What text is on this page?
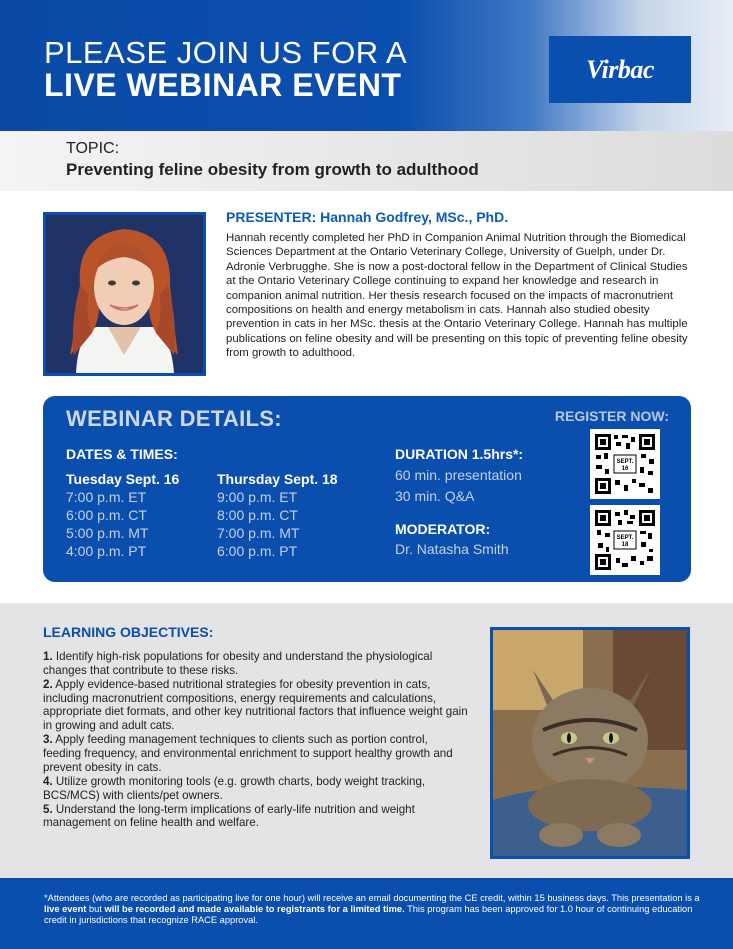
PLEASE JOIN US FOR A
LIVE WEBINAR EVENT	Virbac
TOPIC:
Preventing feline obesity from growth to adulthood
PRESENTER: Hannah Godfrey, MSc., PhD.
Hannah recently completed her PhD in Companion Animal Nutrition through the Biomedical Sciences Department at the Ontario Veterinary College, University of Guelph, under Dr. Adronie Verbrugghe. She is now a post-doctoral fellow in the Department of Clinical Studies at the Ontario Veterinary College continuing to expand her knowledge and research in companion animal nutrition. Her thesis research focused on the impacts of macronutrient compositions on health and energy metabolism in cats. Hannah also studied obesity prevention in cats in her MSc. thesis at the Ontario Veterinary College. Hannah has multiple publications on feline obesity and will be presenting on this topic of preventing feline obesity from growth to adulthood.
WEBINAR DETAILS:	REGISTER NOW:
DATES & TIMES:
Tuesday Sept. 16
7:00 p.m. ET
6:00 p.m. CT
5:00 p.m. MT
4:00 p.m. PT
Thursday Sept. 18
9:00 p.m. ET
8:00 p.m. CT
7:00 p.m. MT
6:00 p.m. PT
DURATION 1.5hrs*:
60 min. presentation
30 min. Q&A
MODERATOR:
Dr. Natasha Smith
SEPT.
16
SEPT.
18
LEARNING OBJECTIVES:

1. Identify high-risk populations for obesity and understand the physiological changes that contribute to these risks.

2. Apply evidence-based nutritional strategies for obesity prevention in cats, including macronutrient compositions, energy requirements and calculations, appropriate diet formats, and other key nutritional factors that influence weight gain in growing and adult cats.

3. Apply feeding management techniques to clients such as portion control, feeding frequency, and environmental enrichment to support healthy growth and prevent obesity in cats.

4. Utilize growth monitoring tools (e.g. growth charts, body weight tracking, BCS/MCS) with clients/pet owners.

5. Understand the long-term implications of early-life nutrition and weight management on feline health and welfare.

*Attendees (who are recorded as participating live for one hour) will receive an email documenting the CE credit, within 15 business days. This presentation is a live event but will be recorded and made available to registrants for a limited time. This program has been approved for 1.0 hour of continuing education credit in jurisdictions that recognize RACE approval.
